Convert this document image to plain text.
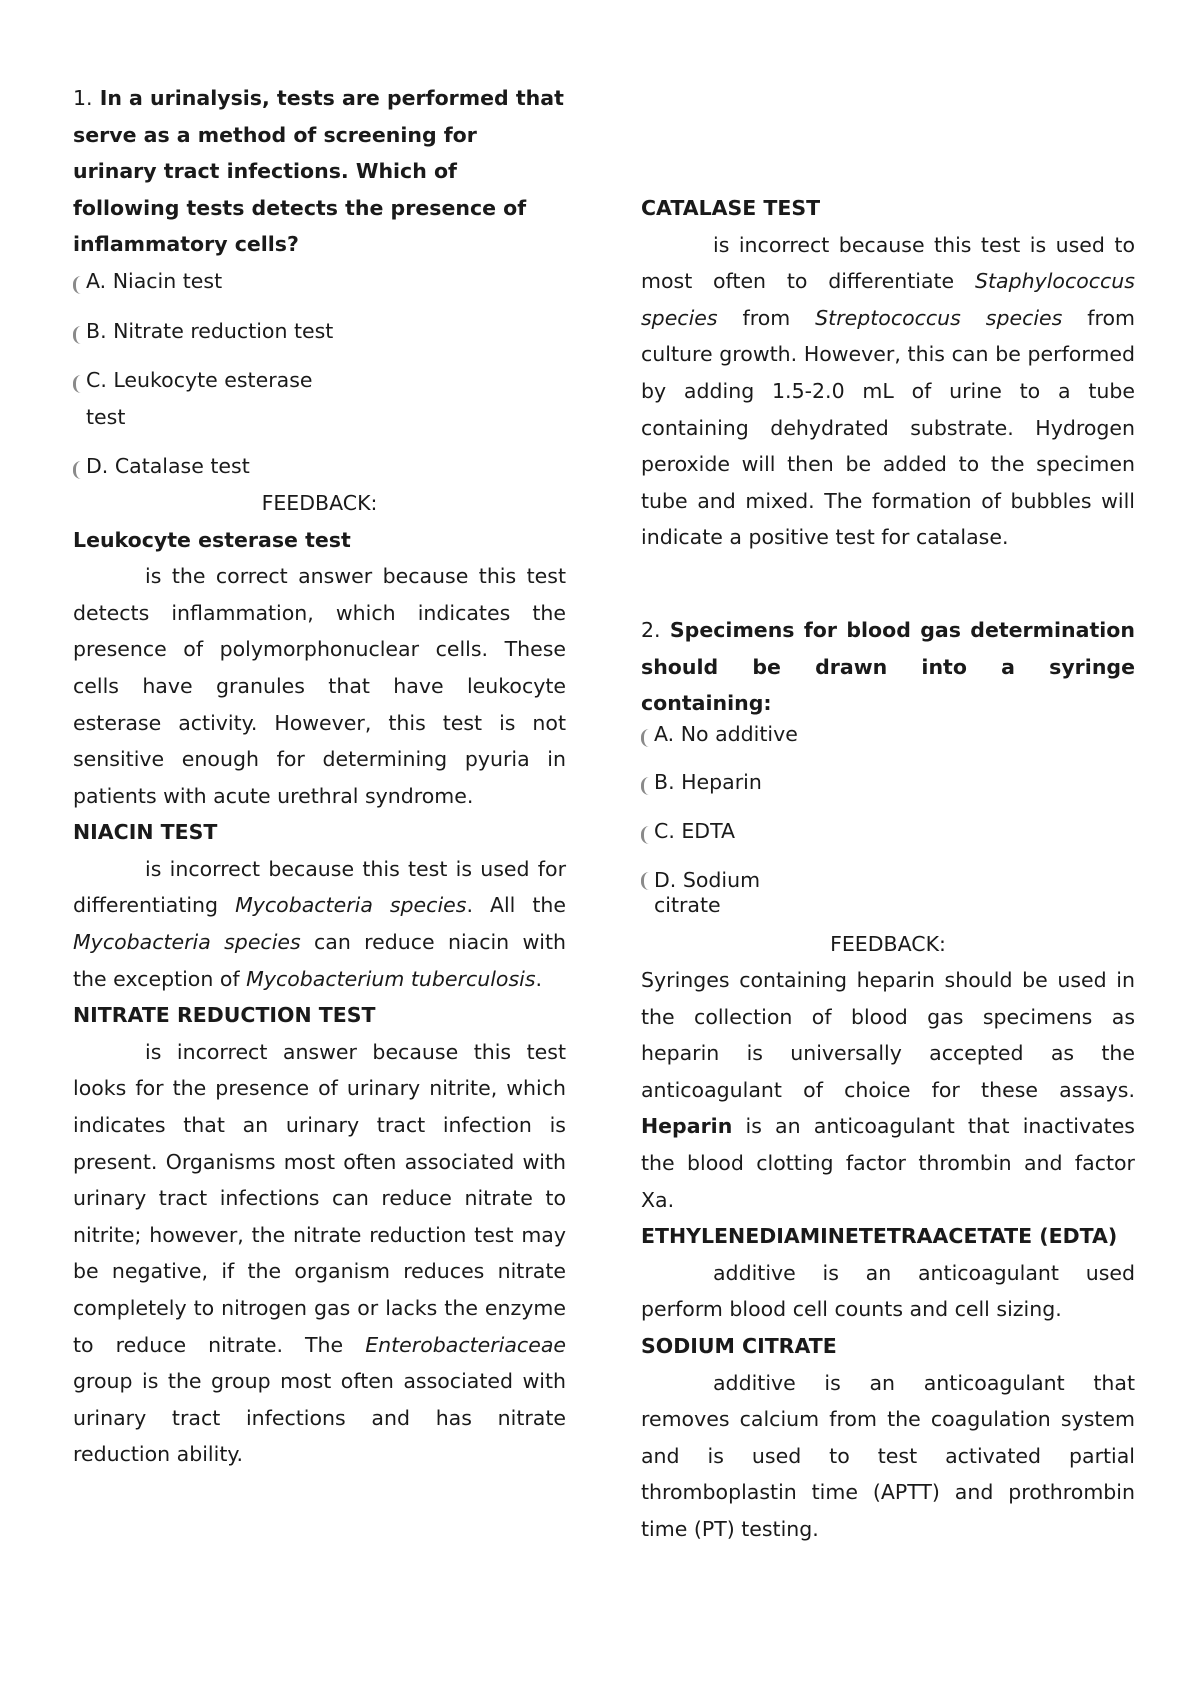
1. In a urinalysis, tests are performed that serve as a method of screening for urinary tract infections. Which of following tests detects the presence of inflammatory cells?

A. Niacin test
B. Nitrate reduction test
C. Leukocyte esterase
test
D. Catalase test

FEEDBACK:

Leukocyte esterase test

is the correct answer because this test detects inflammation, which indicates the presence of polymorphonuclear cells. These cells have granules that have leukocyte esterase activity. However, this test is not sensitive enough for determining pyuria in patients with acute urethral syndrome.

NIACIN TEST

is incorrect because this test is used for differentiating Mycobacteria species. All the Mycobacteria species can reduce niacin with the exception of Mycobacterium tuberculosis.

NITRATE REDUCTION TEST

is incorrect answer because this test looks for the presence of urinary nitrite, which indicates that an urinary tract infection is present. Organisms most often associated with urinary tract infections can reduce nitrate to nitrite; however, the nitrate reduction test may be negative, if the organism reduces nitrate completely to nitrogen gas or lacks the enzyme to reduce nitrate. The Enterobacteriaceae group is the group most often associated with urinary tract infections and has nitrate reduction ability.

CATALASE TEST

is incorrect because this test is used to most often to differentiate Staphylococcus species from Streptococcus species from culture growth. However, this can be performed by adding 1.5-2.0 mL of urine to a tube containing dehydrated substrate. Hydrogen peroxide will then be added to the specimen tube and mixed. The formation of bubbles will indicate a positive test for catalase.

2. Specimens for blood gas determination should be drawn into a syringe containing:

A. No additive
B. Heparin
C. EDTA
D. Sodium
citrate

FEEDBACK:

Syringes containing heparin should be used in the collection of blood gas specimens as heparin is universally accepted as the anticoagulant of choice for these assays. Heparin is an anticoagulant that inactivates the blood clotting factor thrombin and factor Xa.

ETHYLENEDIAMINETETRAACETATE (EDTA)

additive is an anticoagulant used perform blood cell counts and cell sizing.

SODIUM CITRATE

additive is an anticoagulant that removes calcium from the coagulation system and is used to test activated partial thromboplastin time (APTT) and prothrombin time (PT) testing.
